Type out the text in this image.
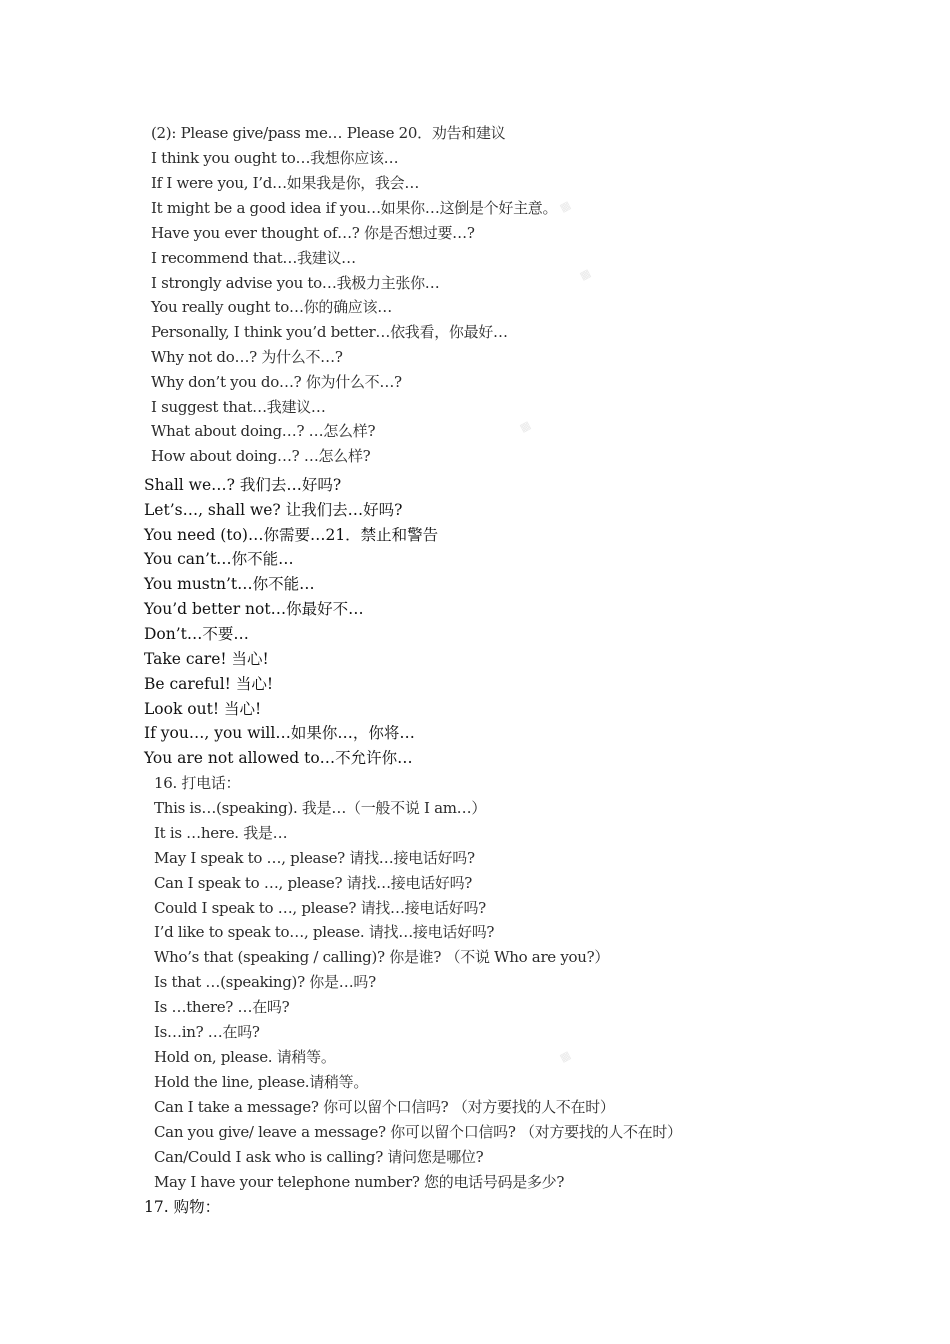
▦
▦
▦
▦
(2): Please give/pass me… Please 20．劝告和建议
I think you ought to…我想你应该…
If I were you, I’d…如果我是你，我会…
It might be a good idea if you…如果你…这倒是个好主意。
Have you ever thought of…? 你是否想过要…?
I recommend that…我建议…
I strongly advise you to…我极力主张你…
You really ought to…你的确应该…
Personally, I think you’d better…依我看，你最好…
Why not do…? 为什么不…?
Why don’t you do…? 你为什么不…?
I suggest that…我建议…
What about doing…? …怎么样?
How about doing…? …怎么样?
Shall we…? 我们去…好吗?
Let’s…, shall we? 让我们去…好吗?
You need (to)…你需要…21．禁止和警告
You can’t…你不能…
You mustn’t…你不能…
You’d better not…你最好不…
Don’t…不要…
Take care! 当心!
Be careful! 当心!
Look out! 当心!
If you…, you will…如果你…，你将…
You are not allowed to…不允许你…
16. 打电话：
This is…(speaking). 我是…（一般不说 I am…）
It is …here. 我是…
May I speak to …, please? 请找…接电话好吗?
Can I speak to …, please? 请找…接电话好吗?
Could I speak to …, please? 请找…接电话好吗?
I’d like to speak to…, please. 请找…接电话好吗?
Who’s that (speaking / calling)? 你是谁? （不说 Who are you?）
Is that …(speaking)? 你是…吗?
Is …there? …在吗?
Is…in? …在吗?
Hold on, please. 请稍等。
Hold the line, please.请稍等。
Can I take a message? 你可以留个口信吗? （对方要找的人不在时）
Can you give/ leave a message? 你可以留个口信吗? （对方要找的人不在时）
Can/Could I ask who is calling? 请问您是哪位?
May I have your telephone number? 您的电话号码是多少?
17. 购物：
